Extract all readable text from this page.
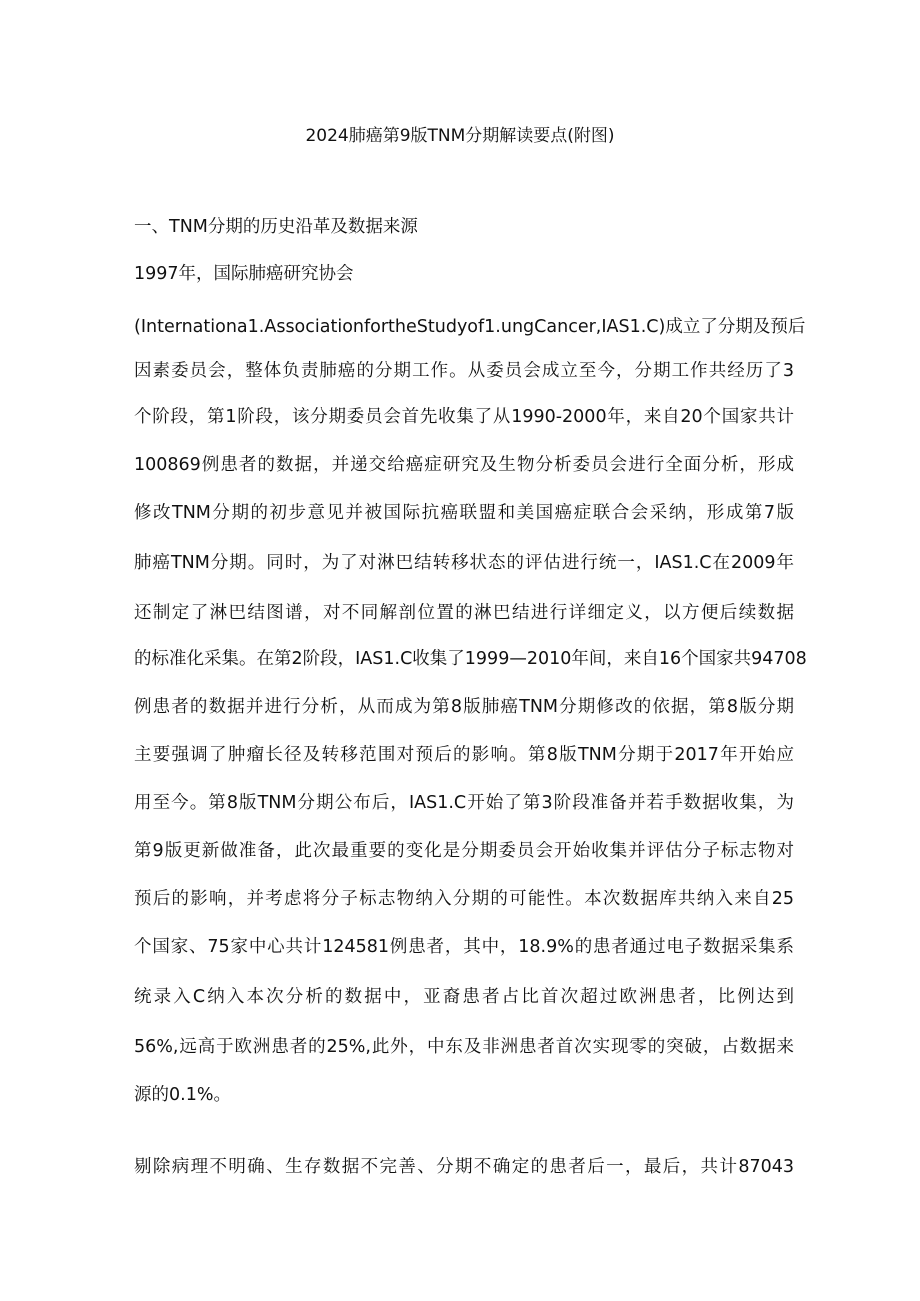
2024肺癌第9版TNM分期解读要点(附图)
一、TNM分期的历史沿革及数据来源

1997年，国际肺癌研究协会

(Internationa1.AssociationfortheStudyof1.ungCancer,IAS1.C)成立了分期及预后

因素委员会，整体负责肺癌的分期工作。从委员会成立至今，分期工作共经历了3

个阶段，第1阶段，该分期委员会首先收集了从1990-2000年，来自20个国家共计

100869例患者的数据，并递交给癌症研究及生物分析委员会进行全面分析，形成

修改TNM分期的初步意见并被国际抗癌联盟和美国癌症联合会采纳，形成第7版

肺癌TNM分期。同时，为了对淋巴结转移状态的评估进行统一，IAS1.C在2009年

还制定了淋巴结图谱，对不同解剖位置的淋巴结进行详细定义，以方便后续数据

的标准化采集。在第2阶段，IAS1.C收集了1999—2010年间，来自16个国家共94708

例患者的数据并进行分析，从而成为第8版肺癌TNM分期修改的依据，第8版分期

主要强调了肿瘤长径及转移范围对预后的影响。第8版TNM分期于2017年开始应

用至今。第8版TNM分期公布后，IAS1.C开始了第3阶段准备并若手数据收集，为

第9版更新做准备，此次最重要的变化是分期委员会开始收集并评估分子标志物对

预后的影响，并考虑将分子标志物纳入分期的可能性。本次数据库共纳入来自25

个国家、75家中心共计124581例患者，其中，18.9%的患者通过电子数据采集系

统录入C纳入本次分析的数据中，亚裔患者占比首次超过欧洲患者，比例达到

56%,远高于欧洲患者的25%,此外，中东及非洲患者首次实现零的突破，占数据来

源的0.1%。

剔除病理不明确、生存数据不完善、分期不确定的患者后一，最后，共计87043
